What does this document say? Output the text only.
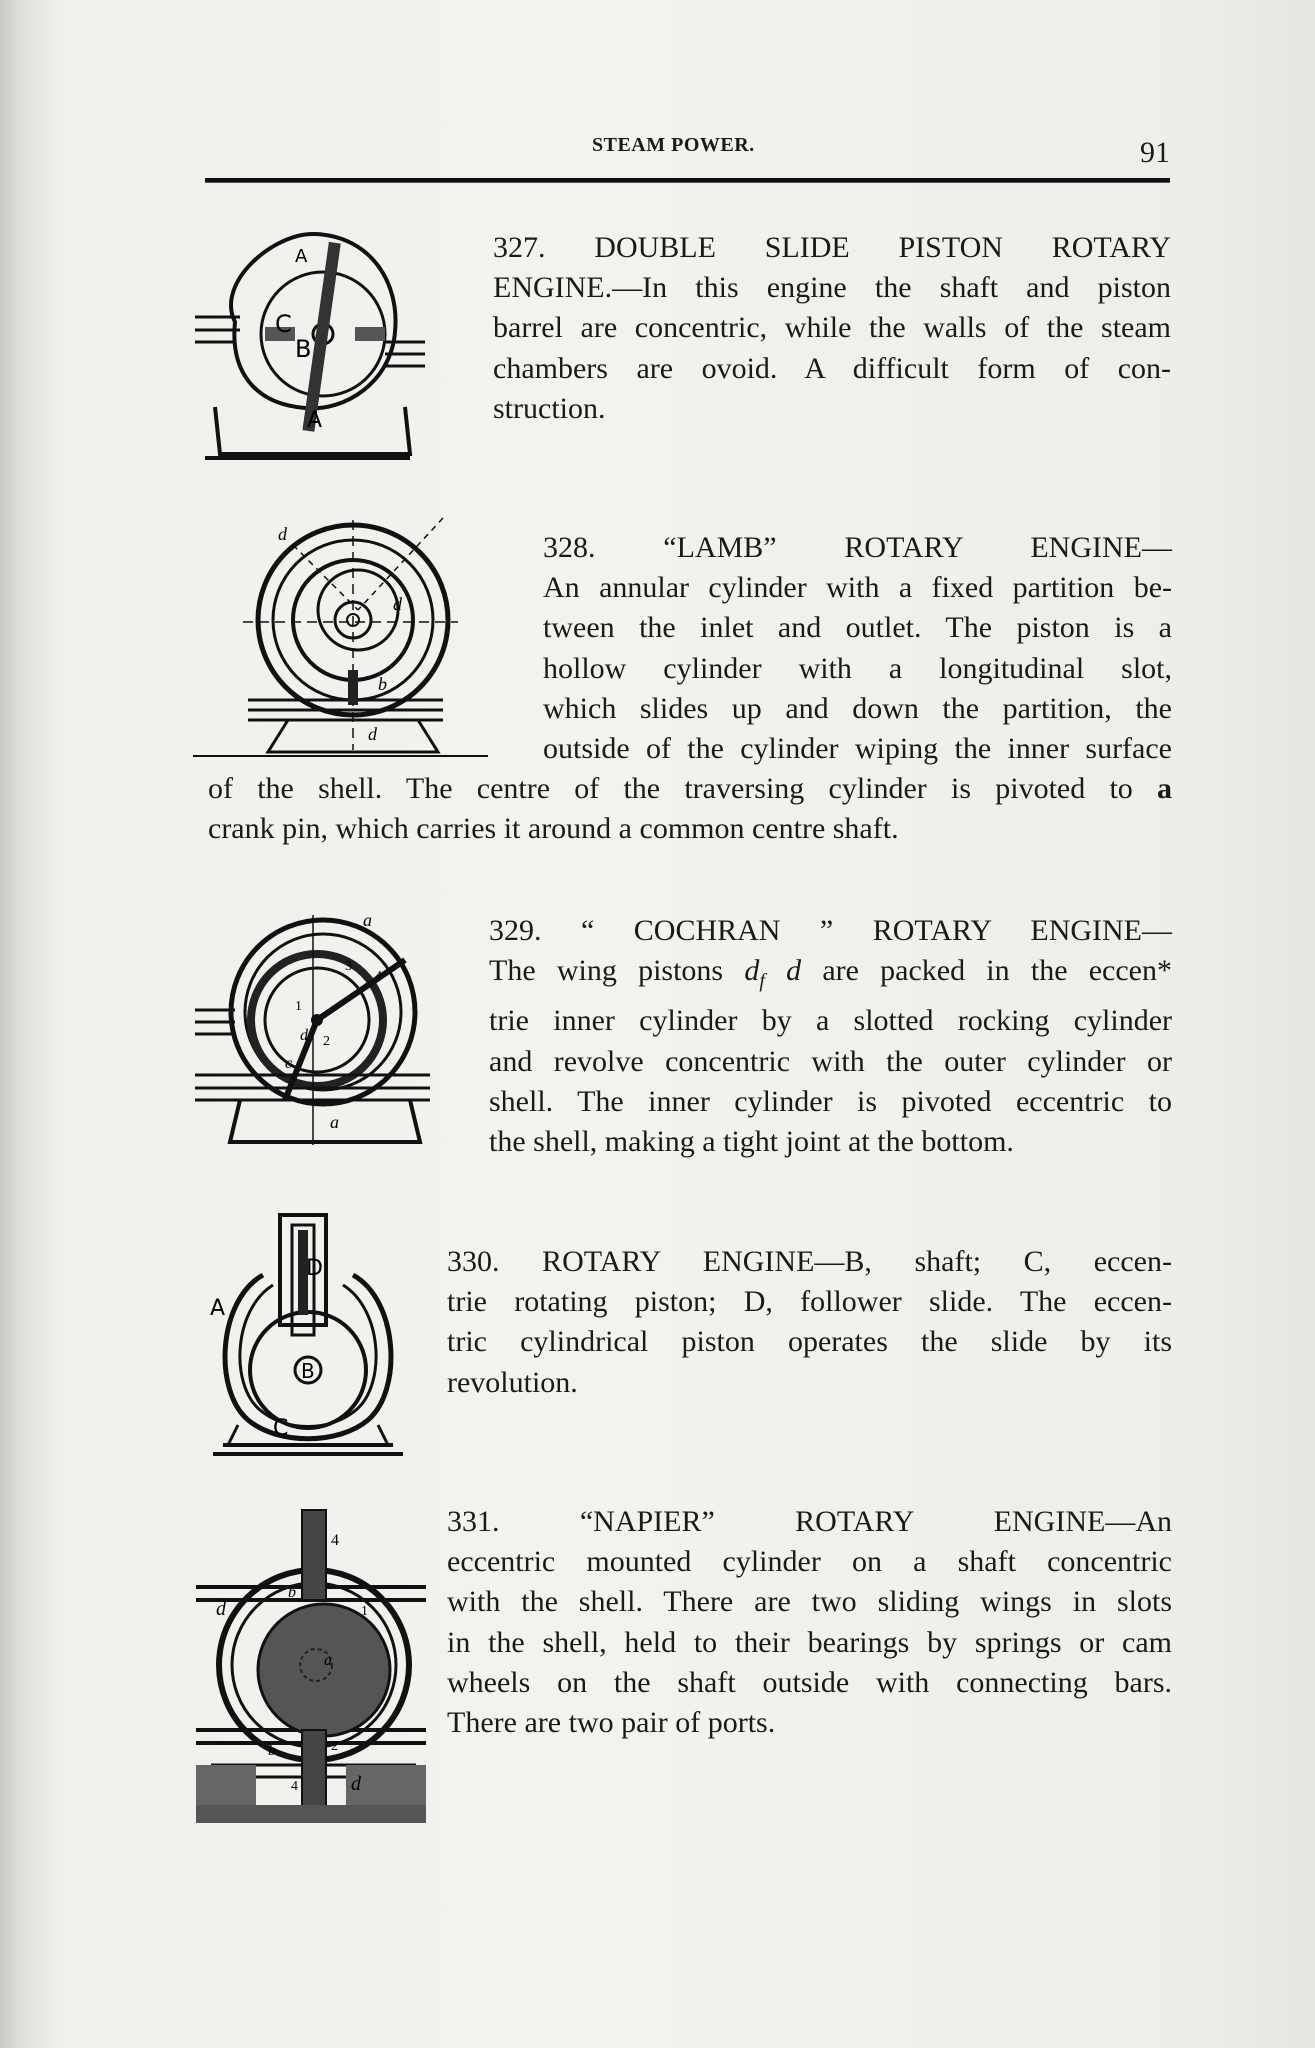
STEAM POWER.	91
C
B
A
A	327. DOUBLE SLIDE PISTON ROTARY
ENGINE.—In this engine the shaft and piston
barrel are concentric, while the walls of the steam
chambers are ovoid. A difficult form of con-
struction.
d
d
b
d
328. “LAMB” ROTARY ENGINE—
An annular cylinder with a fixed partition be-
tween the inlet and outlet. The piston is a
hollow cylinder with a longitudinal slot,
which slides up and down the partition, the
outside of the cylinder wiping the inner surface
of the shell. The centre of the traversing cylinder is pivoted to a
crank pin, which carries it around a common centre shaft.
a
1
2
3
4
c
d
a
329. “ COCHRAN ” ROTARY ENGINE—
The wing pistons $d_f$ d are packed in the eccen*
trie inner cylinder by a slotted rocking cylinder
and revolve concentric with the outer cylinder or
shell. The inner cylinder is pivoted eccentric to
the shell, making a tight joint at the bottom.
D
A
B
C
330. ROTARY ENGINE—B, shaft; C, eccen-
trie rotating piston; D, follower slide. The eccen-
tric cylindrical piston operates the slide by its
revolution.
4
d
b
a
b	2
d
4
1
331. “NAPIER” ROTARY ENGINE—An
eccentric mounted cylinder on a shaft concentric
with the shell. There are two sliding wings in slots
in the shell, held to their bearings by springs or cam
wheels on the shaft outside with connecting bars.
There are two pair of ports.
